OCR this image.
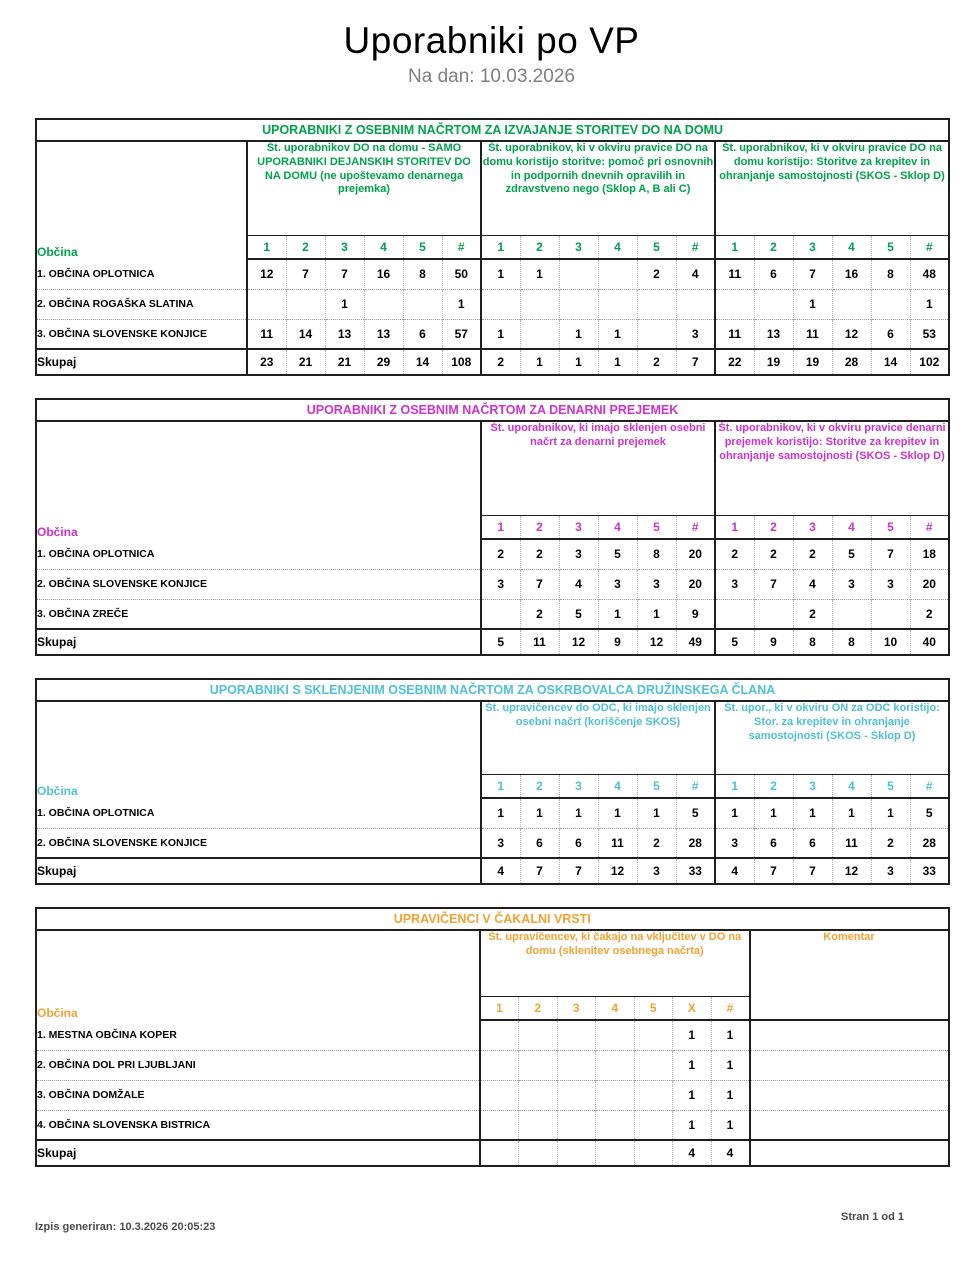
Uporabniki po VP
Na dan: 10.03.2026
UPORABNIKI Z OSEBNIM NAČRTOM ZA IZVAJANJE STORITEV DO NA DOMU																		
Občina	Št. uporabnikov DO na domu - SAMO UPORABNIKI DEJANSKIH STORITEV DO NA DOMU (ne upoštevamo denarnega prejemka)						Št. uporabnikov, ki v okviru pravice DO na domu koristijo storitve: pomoč pri osnovnih in podpornih dnevnih opravilih in zdravstveno nego (Sklop A, B ali C)						Št. uporabnikov, ki v okviru pravice DO na domu koristijo: Storitve za krepitev in ohranjanje samostojnosti (SKOS - Sklop D)					
	1	2	3	4	5	#	1	2	3	4	5	#	1	2	3	4	5	#
1. OBČINA OPLOTNICA	12	7	7	16	8	50	1	1			2	4	11	6	7	16	8	48
2. OBČINA ROGAŠKA SLATINA			1			1									1			1
3. OBČINA SLOVENSKE KONJICE	11	14	13	13	6	57	1		1	1		3	11	13	11	12	6	53
Skupaj	23	21	21	29	14	108	2	1	1	1	2	7	22	19	19	28	14	102
UPORABNIKI Z OSEBNIM NAČRTOM ZA DENARNI PREJEMEK												
Občina	Št. uporabnikov, ki imajo sklenjen osebni načrt za denarni prejemek						Št. uporabnikov, ki v okviru pravice denarni prejemek koristijo: Storitve za krepitev in ohranjanje samostojnosti (SKOS - Sklop D)					
	1	2	3	4	5	#	1	2	3	4	5	#
1. OBČINA OPLOTNICA	2	2	3	5	8	20	2	2	2	5	7	18
2. OBČINA SLOVENSKE KONJICE	3	7	4	3	3	20	3	7	4	3	3	20
3. OBČINA ZREČE		2	5	1	1	9			2			2
Skupaj	5	11	12	9	12	49	5	9	8	8	10	40
UPORABNIKI S SKLENJENIM OSEBNIM NAČRTOM ZA OSKRBOVALCA DRUŽINSKEGA ČLANA												
Občina	Št. upravičencev do ODČ, ki imajo sklenjen osebni načrt (koriščenje SKOS)						Št. upor., ki v okviru ON za ODČ koristijo: Stor. za krepitev in ohranjanje samostojnosti (SKOS - Sklop D)					
	1	2	3	4	5	#	1	2	3	4	5	#
1. OBČINA OPLOTNICA	1	1	1	1	1	5	1	1	1	1	1	5
2. OBČINA SLOVENSKE KONJICE	3	6	6	11	2	28	3	6	6	11	2	28
Skupaj	4	7	7	12	3	33	4	7	7	12	3	33
UPRAVIČENCI V ČAKALNI VRSTI								
Občina	Št. upravičencev, ki čakajo na vključitev v DO na domu (sklenitev osebnega načrta)							Komentar
	1	2	3	4	5	X	#	
1. MESTNA OBČINA KOPER						1	1	
2. OBČINA DOL PRI LJUBLJANI						1	1	
3. OBČINA DOMŽALE						1	1	
4. OBČINA SLOVENSKA BISTRICA						1	1	
Skupaj						4	4	
Izpis generiran: 10.3.2026 20:05:23
Stran 1 od 1
